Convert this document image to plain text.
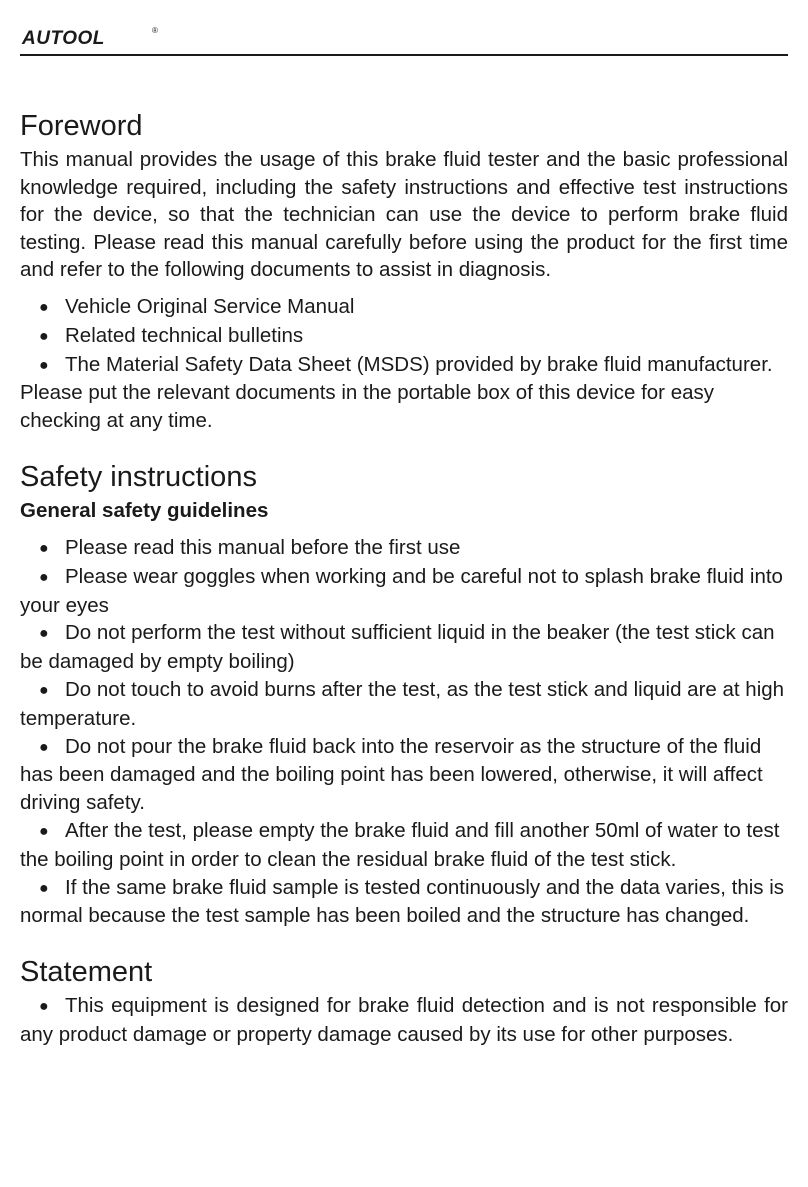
AUTOOL	®
Foreword

This manual provides the usage of this brake fluid tester and the basic professional knowledge required, including the safety instructions and effective test instructions for the device, so that the technician can use the device to perform brake fluid testing. Please read this manual carefully before using the product for the first time and refer to the following documents to assist in diagnosis.

● Vehicle Original Service Manual

● Related technical bulletins

● The Material Safety Data Sheet (MSDS) provided by brake fluid manufacturer. Please put the relevant documents in the portable box of this device for easy checking at any time.

Safety instructions
General safety guidelines

● Please read this manual before the first use

● Please wear goggles when working and be careful not to splash brake fluid into your eyes

● Do not perform the test without sufficient liquid in the beaker (the test stick can be damaged by empty boiling)

● Do not touch to avoid burns after the test, as the test stick and liquid are at high temperature.

● Do not pour the brake fluid back into the reservoir as the structure of the fluid has been damaged and the boiling point has been lowered, otherwise, it will affect driving safety.

● After the test, please empty the brake fluid and fill another 50ml of water to test the boiling point in order to clean the residual brake fluid of the test stick.

● If the same brake fluid sample is tested continuously and the data varies, this is normal because the test sample has been boiled and the structure has changed.

Statement

● This equipment is designed for brake fluid detection and is not responsible for any product damage or property damage caused by its use for other purposes.
